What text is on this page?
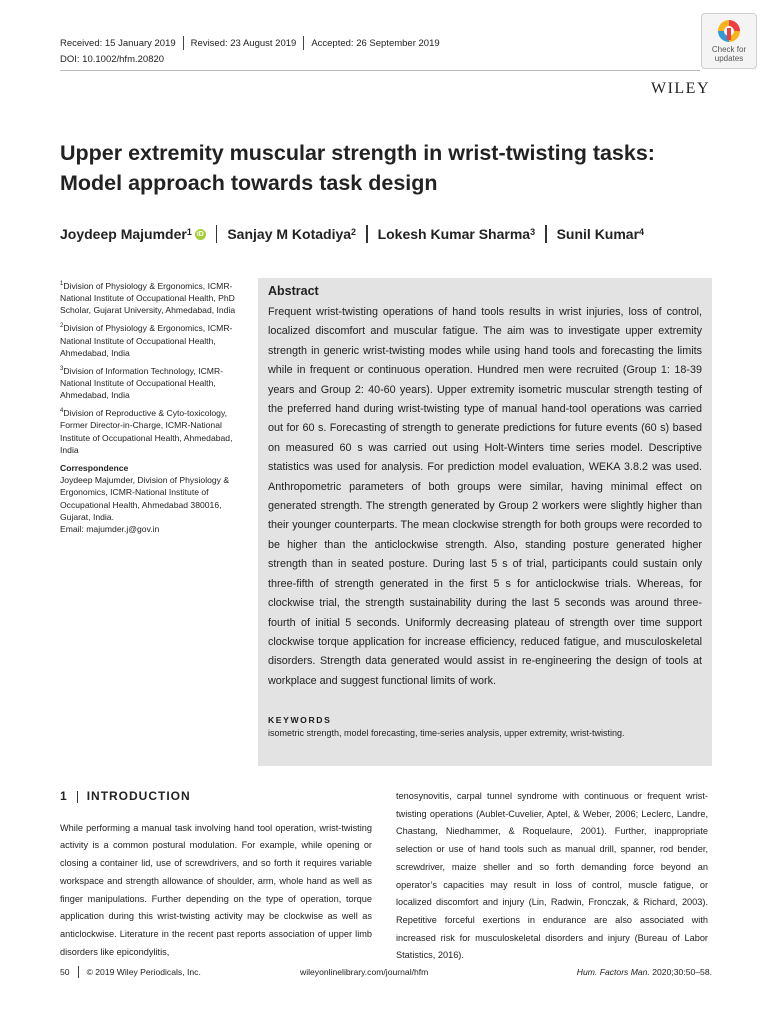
Received: 15 January 2019 Revised: 23 August 2019 Accepted: 26 September 2019
DOI: 10.1002/hfm.20820
Check for
updates
WILEY
Upper extremity muscular strength in wrist-twisting tasks:
Model approach towards task design
Joydeep Majumder$^1$ iD Sanjay M Kotadiya$^2$ Lokesh Kumar Sharma$^3$ Sunil Kumar$^4$
$^1$Division of Physiology & Ergonomics, ICMR-National Institute of Occupational Health, PhD Scholar, Gujarat University, Ahmedabad, India
$^2$Division of Physiology & Ergonomics, ICMR-National Institute of Occupational Health, Ahmedabad, India
$^3$Division of Information Technology, ICMR-National Institute of Occupational Health, Ahmedabad, India
$^4$Division of Reproductive & Cyto-toxicology, Former Director-in-Charge, ICMR-National Institute of Occupational Health, Ahmedabad, India
Correspondence
Joydeep Majumder, Division of Physiology & Ergonomics, ICMR-National Institute of Occupational Health, Ahmedabad 380016, Gujarat, India.
Email: majumder.j@gov.in
Abstract
Frequent wrist-twisting operations of hand tools results in wrist injuries, loss of control, localized discomfort and muscular fatigue. The aim was to investigate upper extremity strength in generic wrist-twisting modes while using hand tools and forecasting the limits while in frequent or continuous operation. Hundred men were recruited (Group 1: 18-39 years and Group 2: 40-60 years). Upper extremity isometric muscular strength testing of the preferred hand during wrist-twisting type of manual hand-tool operations was carried out for 60 s. Forecasting of strength to generate predictions for future events (60 s) based on measured 60 s was carried out using Holt-Winters time series model. Descriptive statistics was used for analysis. For prediction model evaluation, WEKA 3.8.2 was used. Anthropometric parameters of both groups were similar, having minimal effect on generated strength. The strength generated by Group 2 workers were slightly higher than their younger counterparts. The mean clockwise strength for both groups were recorded to be higher than the anticlockwise strength. Also, standing posture generated higher strength than in seated posture. During last 5 s of trial, participants could sustain only three-fifth of strength generated in the first 5 s for anticlockwise trials. Whereas, for clockwise trial, the strength sustainability during the last 5 seconds was around three-fourth of initial 5 seconds. Uniformly decreasing plateau of strength over time support clockwise torque application for increase efficiency, reduced fatigue, and musculoskeletal disorders. Strength data generated would assist in re-engineering the design of tools at workplace and suggest functional limits of work.
KEYWORDS
isometric strength, model forecasting, time-series analysis, upper extremity, wrist-twisting.
1 INTRODUCTION
While performing a manual task involving hand tool operation, wrist-twisting activity is a common postural modulation. For example, while opening or closing a container lid, use of screwdrivers, and so forth it requires variable workspace and strength allowance of shoulder, arm, whole hand as well as finger manipulations. Further depending on the type of operation, torque application during this wrist-twisting activity may be clockwise as well as anticlockwise. Literature in the recent past reports association of upper limb disorders like epicondylitis,
tenosynovitis, carpal tunnel syndrome with continuous or frequent wrist-twisting operations (Aublet-Cuvelier, Aptel, & Weber, 2006; Leclerc, Landre, Chastang, Niedhammer, & Roquelaure, 2001). Further, inappropriate selection or use of hand tools such as manual drill, spanner, rod bender, screwdriver, maize sheller and so forth demanding force beyond an operator’s capacities may result in loss of control, muscle fatigue, or localized discomfort and injury (Lin, Radwin, Fronczak, & Richard, 2003). Repetitive forceful exertions in endurance are also associated with increased risk for musculoskeletal disorders and injury (Bureau of Labor Statistics, 2016).
50 © 2019 Wiley Periodicals, Inc.	wileyonlinelibrary.com/journal/hfm	Hum. Factors Man. 2020;30:50–58.
